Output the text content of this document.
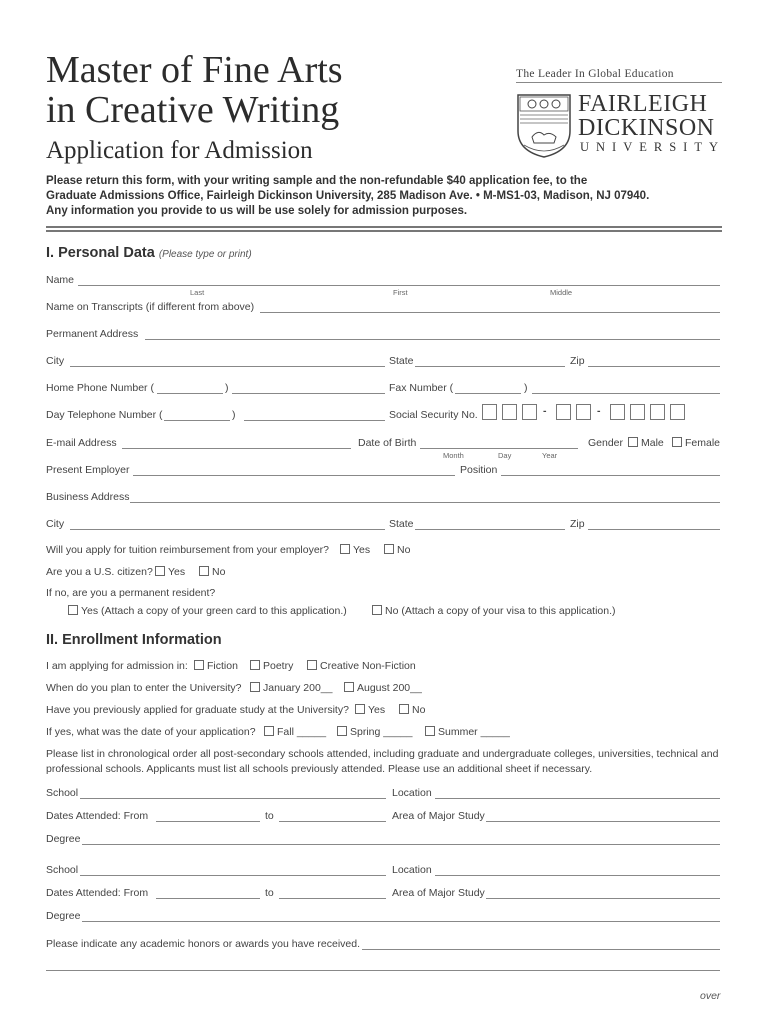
Master of Fine Arts
in Creative Writing
Application for Admission
The Leader In Global Education
FAIRLEIGH
DICKINSON
UNIVERSITY
Please return this form, with your writing sample and the non-refundable $40 application fee, to the
Graduate Admissions Office, Fairleigh Dickinson University, 285 Madison Ave. • M-MS1-03, Madison, NJ 07940.
Any information you provide to us will be use solely for admission purposes.
I. Personal Data (Please type or print)
Name
Last	First	Middle
Name on Transcripts (if different from above)
Permanent Address
City	State	Zip
Home Phone Number (	)	Fax Number (	)
Day Telephone Number (	)	Social Security No.	-	-
E-mail Address	Date of Birth
Month	Day	Year
Gender	Male	Female
Present Employer	Position
Business Address
City	State	Zip
Will you apply for tuition reimbursement from your employer?	Yes	No
Are you a U.S. citizen?	Yes	No
If no, are you a permanent resident?
Yes (Attach a copy of your green card to this application.)	No (Attach a copy of your visa to this application.)
II. Enrollment Information
I am applying for admission in:	Fiction	Poetry	Creative Non-Fiction
When do you plan to enter the University?	January 200__	August 200__
Have you previously applied for graduate study at the University?	Yes	No
If yes, what was the date of your application?	Fall _____	Spring _____	Summer _____
Please list in chronological order all post-secondary schools attended, including graduate and undergraduate colleges, universities, technical and
professional schools. Applicants must list all schools previously attended. Please use an additional sheet if necessary.
School	Location
Dates Attended: From	to	Area of Major Study
Degree
School	Location
Dates Attended: From	to	Area of Major Study
Degree
Please indicate any academic honors or awards you have received.
over
